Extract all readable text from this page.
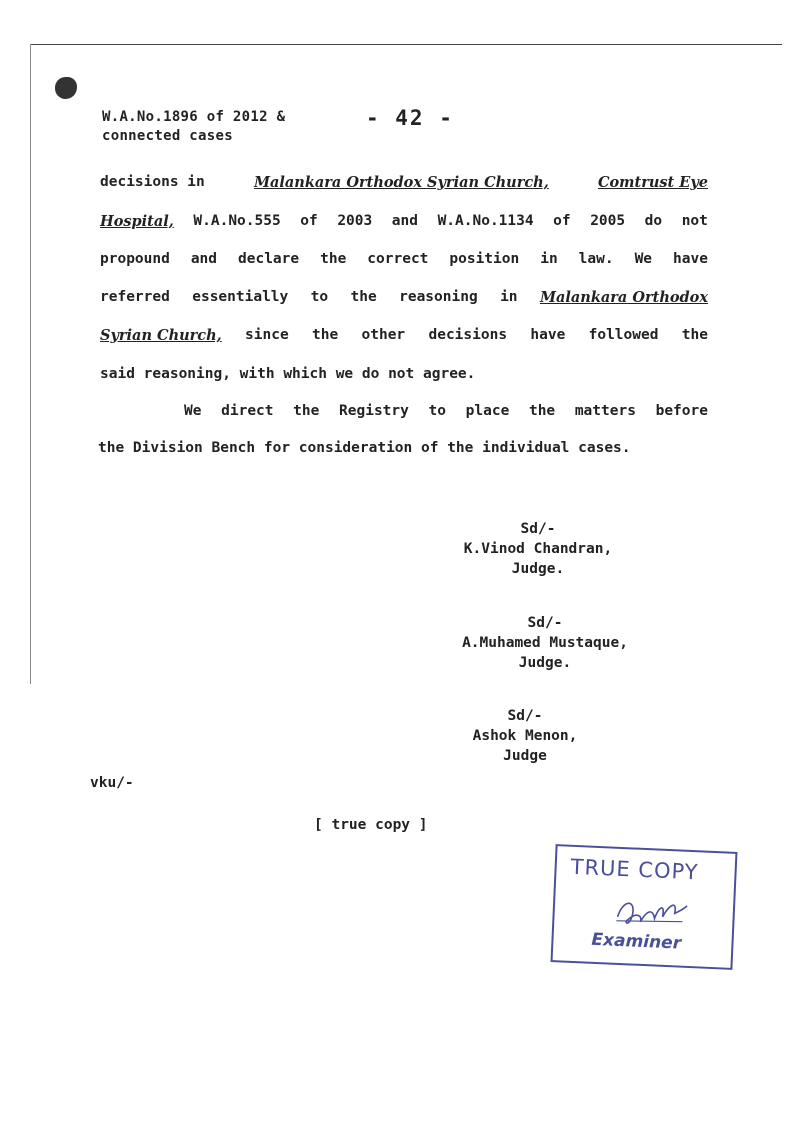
W.A.No.1896 of 2012 &
connected cases
- 42 -
decisions in	Malankara Orthodox Syrian Church,	Comtrust Eye
Hospital, W.A.No.555 of 2003 and W.A.No.1134 of 2005 do not
propound and declare the correct position in law. We have
referred essentially to the reasoning in Malankara Orthodox
Syrian Church, since the other decisions have followed the
said reasoning, with which we do not agree.
We direct the Registry to place the matters before
the Division Bench for consideration of the individual cases.
Sd/-
K.Vinod Chandran,
Judge.
Sd/-
A.Muhamed Mustaque,
Judge.
Sd/-
Ashok Menon,
Judge
vku/-
[ true copy ]
TRUE COPY
Examiner
